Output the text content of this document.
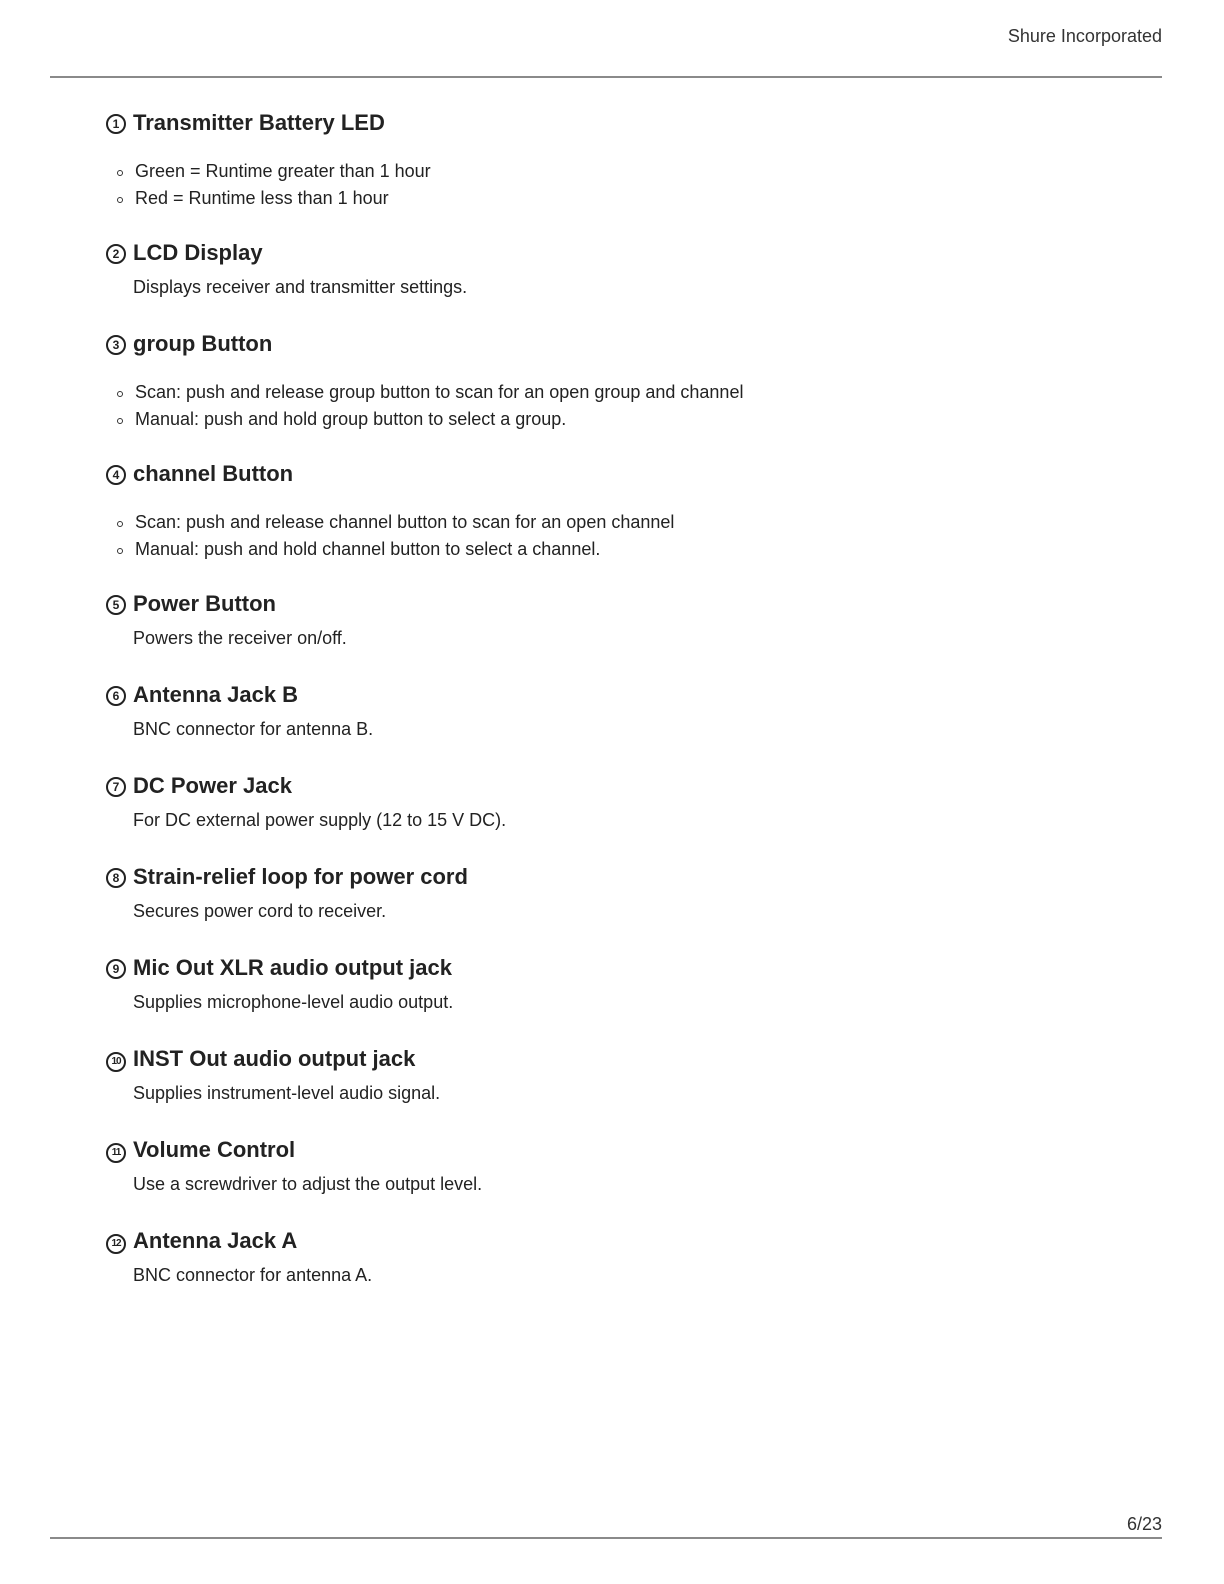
Shure Incorporated
1 Transmitter Battery LED
Green = Runtime greater than 1 hour
Red = Runtime less than 1 hour
2 LCD Display

Displays receiver and transmitter settings.

3 group Button
Scan: push and release group button to scan for an open group and channel
Manual: push and hold group button to select a group.
4 channel Button
Scan: push and release channel button to scan for an open channel
Manual: push and hold channel button to select a channel.
5 Power Button

Powers the receiver on/off.

6 Antenna Jack B

BNC connector for antenna B.

7 DC Power Jack

For DC external power supply (12 to 15 V DC).

8 Strain-relief loop for power cord

Secures power cord to receiver.

9 Mic Out XLR audio output jack

Supplies microphone-level audio output.

10 INST Out audio output jack

Supplies instrument-level audio signal.

11 Volume Control

Use a screwdriver to adjust the output level.

12 Antenna Jack A

BNC connector for antenna A.

6/23
